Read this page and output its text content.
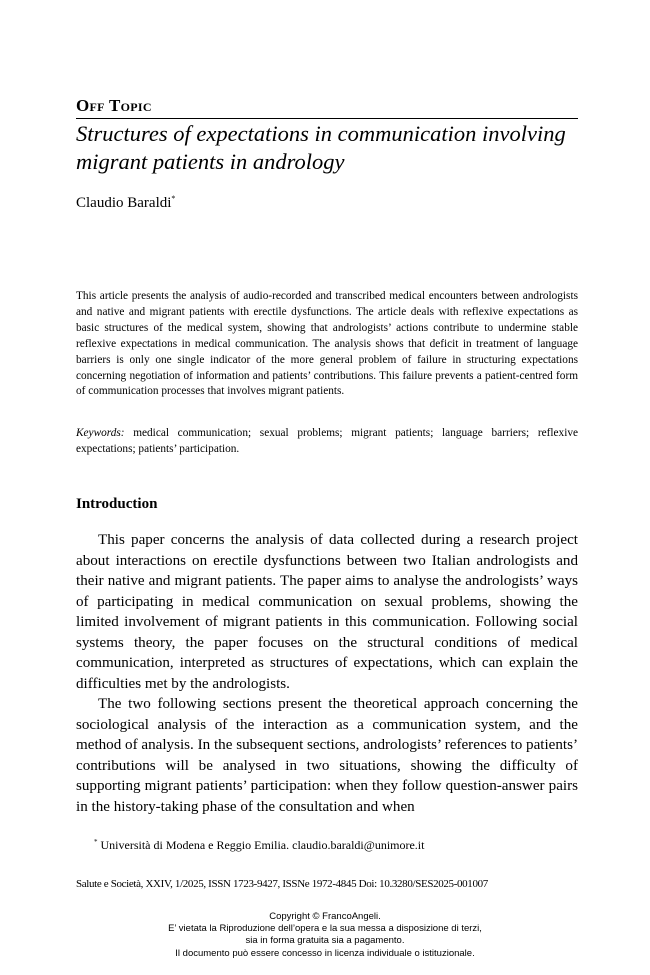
Off Topic
Structures of expectations in communication involving migrant patients in andrology
Claudio Baraldi*

This article presents the analysis of audio-recorded and transcribed medical encounters between andrologists and native and migrant patients with erectile dysfunctions. The article deals with reflexive expectations as basic structures of the medical system, showing that andrologists’ actions contribute to undermine stable reflexive expectations in medical communication. The analysis shows that deficit in treatment of language barriers is only one single indicator of the more general problem of failure in structuring expectations concerning negotiation of information and patients’ contributions. This failure prevents a patient-centred form of communication processes that involves migrant patients.

Keywords: medical communication; sexual problems; migrant patients; language barriers; reflexive expectations; patients’ participation.

Introduction

This paper concerns the analysis of data collected during a research project about interactions on erectile dysfunctions between two Italian andrologists and their native and migrant patients. The paper aims to analyse the andrologists’ ways of participating in medical communication on sexual problems, showing the limited involvement of migrant patients in this communication. Following social systems theory, the paper focuses on the structural conditions of medical communication, interpreted as structures of expectations, which can explain the difficulties met by the andrologists.

The two following sections present the theoretical approach concerning the sociological analysis of the interaction as a communication system, and the method of analysis. In the subsequent sections, andrologists’ references to patients’ contributions will be analysed in two situations, showing the difficulty of supporting migrant patients’ participation: when they follow question-answer pairs in the history-taking phase of the consultation and when

* Università di Modena e Reggio Emilia. claudio.baraldi@unimore.it
Salute e Società, XXIV, 1/2025, ISSN 1723-9427, ISSNe 1972-4845 Doi: 10.3280/SES2025-001007
Copyright © FrancoAngeli.
E’ vietata la Riproduzione dell’opera e la sua messa a disposizione di terzi,
sia in forma gratuita sia a pagamento.
Il documento può essere concesso in licenza individuale o istituzionale.
